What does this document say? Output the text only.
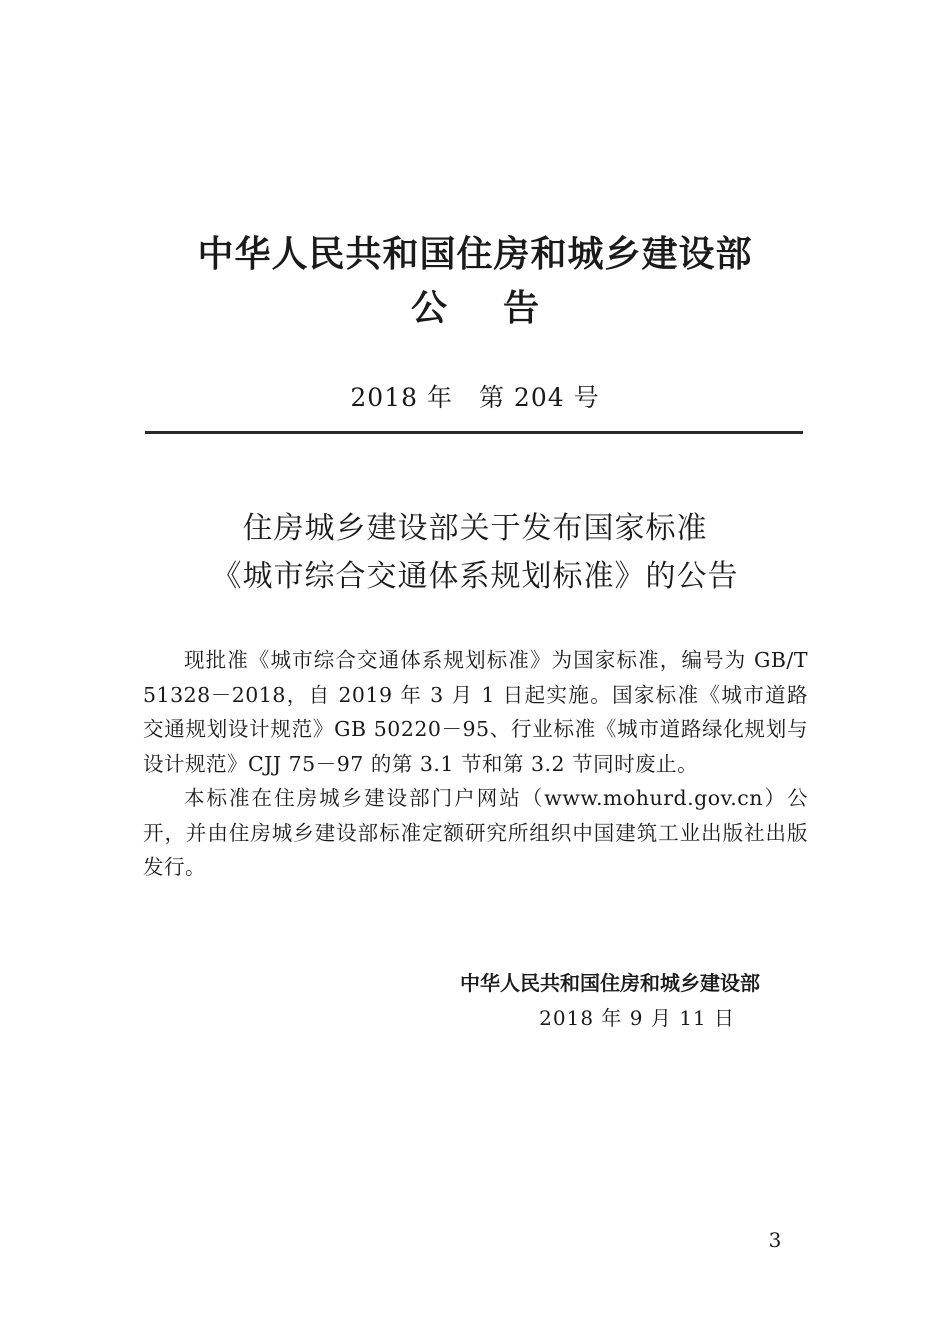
中华人民共和国住房和城乡建设部
公告
2018 年　第 204 号
住房城乡建设部关于发布国家标准
《城市综合交通体系规划标准》的公告

现批准《城市综合交通体系规划标准》为国家标准，编号为 GB/T 51328－2018，自 2019 年 3 月 1 日起实施。国家标准《城市道路交通规划设计规范》GB 50220－95、行业标准《城市道路绿化规划与设计规范》CJJ 75－97 的第 3.1 节和第 3.2 节同时废止。

本标准在住房城乡建设部门户网站（www.mohurd.gov.cn）公开，并由住房城乡建设部标准定额研究所组织中国建筑工业出版社出版发行。

中华人民共和国住房和城乡建设部
2018 年 9 月 11 日
3
